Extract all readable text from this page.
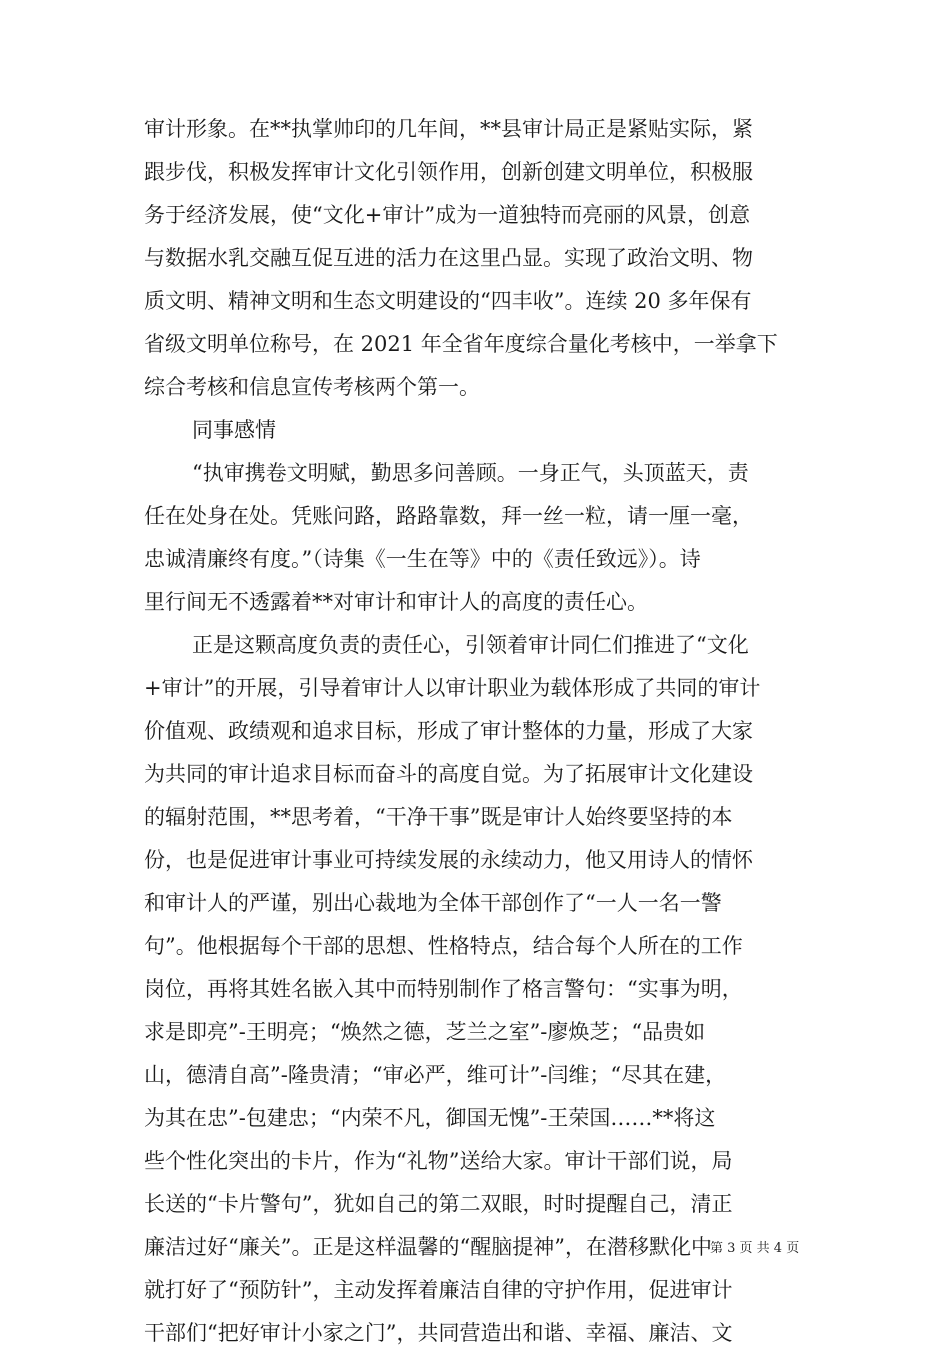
审计形象。在**执掌帅印的几年间，**县审计局正是紧贴实际，紧
跟步伐，积极发挥审计文化引领作用，创新创建文明单位，积极服
务于经济发展，使“文化+审计”成为一道独特而亮丽的风景，创意
与数据水乳交融互促互进的活力在这里凸显。实现了政治文明、物
质文明、精神文明和生态文明建设的“四丰收”。连续 20 多年保有
省级文明单位称号，在 2021 年全省年度综合量化考核中，一举拿下
综合考核和信息宣传考核两个第一。
同事感情
“执审携卷文明赋，勤思多问善顾。一身正气，头顶蓝天，责
任在处身在处。凭账问路，路路靠数，拜一丝一粒，请一厘一毫，
忠诚清廉终有度。”（诗集《一生在等》中的《责任致远》）。诗
里行间无不透露着**对审计和审计人的高度的责任心。
正是这颗高度负责的责任心，引领着审计同仁们推进了“文化
+审计”的开展，引导着审计人以审计职业为载体形成了共同的审计
价值观、政绩观和追求目标，形成了审计整体的力量，形成了大家
为共同的审计追求目标而奋斗的高度自觉。为了拓展审计文化建设
的辐射范围，**思考着，“干净干事”既是审计人始终要坚持的本
份，也是促进审计事业可持续发展的永续动力，他又用诗人的情怀
和审计人的严谨，别出心裁地为全体干部创作了“一人一名一警
句”。他根据每个干部的思想、性格特点，结合每个人所在的工作
岗位，再将其姓名嵌入其中而特别制作了格言警句：“实事为明，
求是即亮”-王明亮；“焕然之德，芝兰之室”-廖焕芝；“品贵如
山，德清自高”-隆贵清；“审必严，维可计”-闫维；“尽其在建，
为其在忠”-包建忠；“内荣不凡，御国无愧”-王荣国……**将这
些个性化突出的卡片，作为“礼物”送给大家。审计干部们说，局
长送的“卡片警句”，犹如自己的第二双眼，时时提醒自己，清正
廉洁过好“廉关”。正是这样温馨的“醒脑提神”，在潜移默化中
就打好了“预防针”，主动发挥着廉洁自律的守护作用，促进审计
干部们“把好审计小家之门”，共同营造出和谐、幸福、廉洁、文
第 3 页 共 4 页
